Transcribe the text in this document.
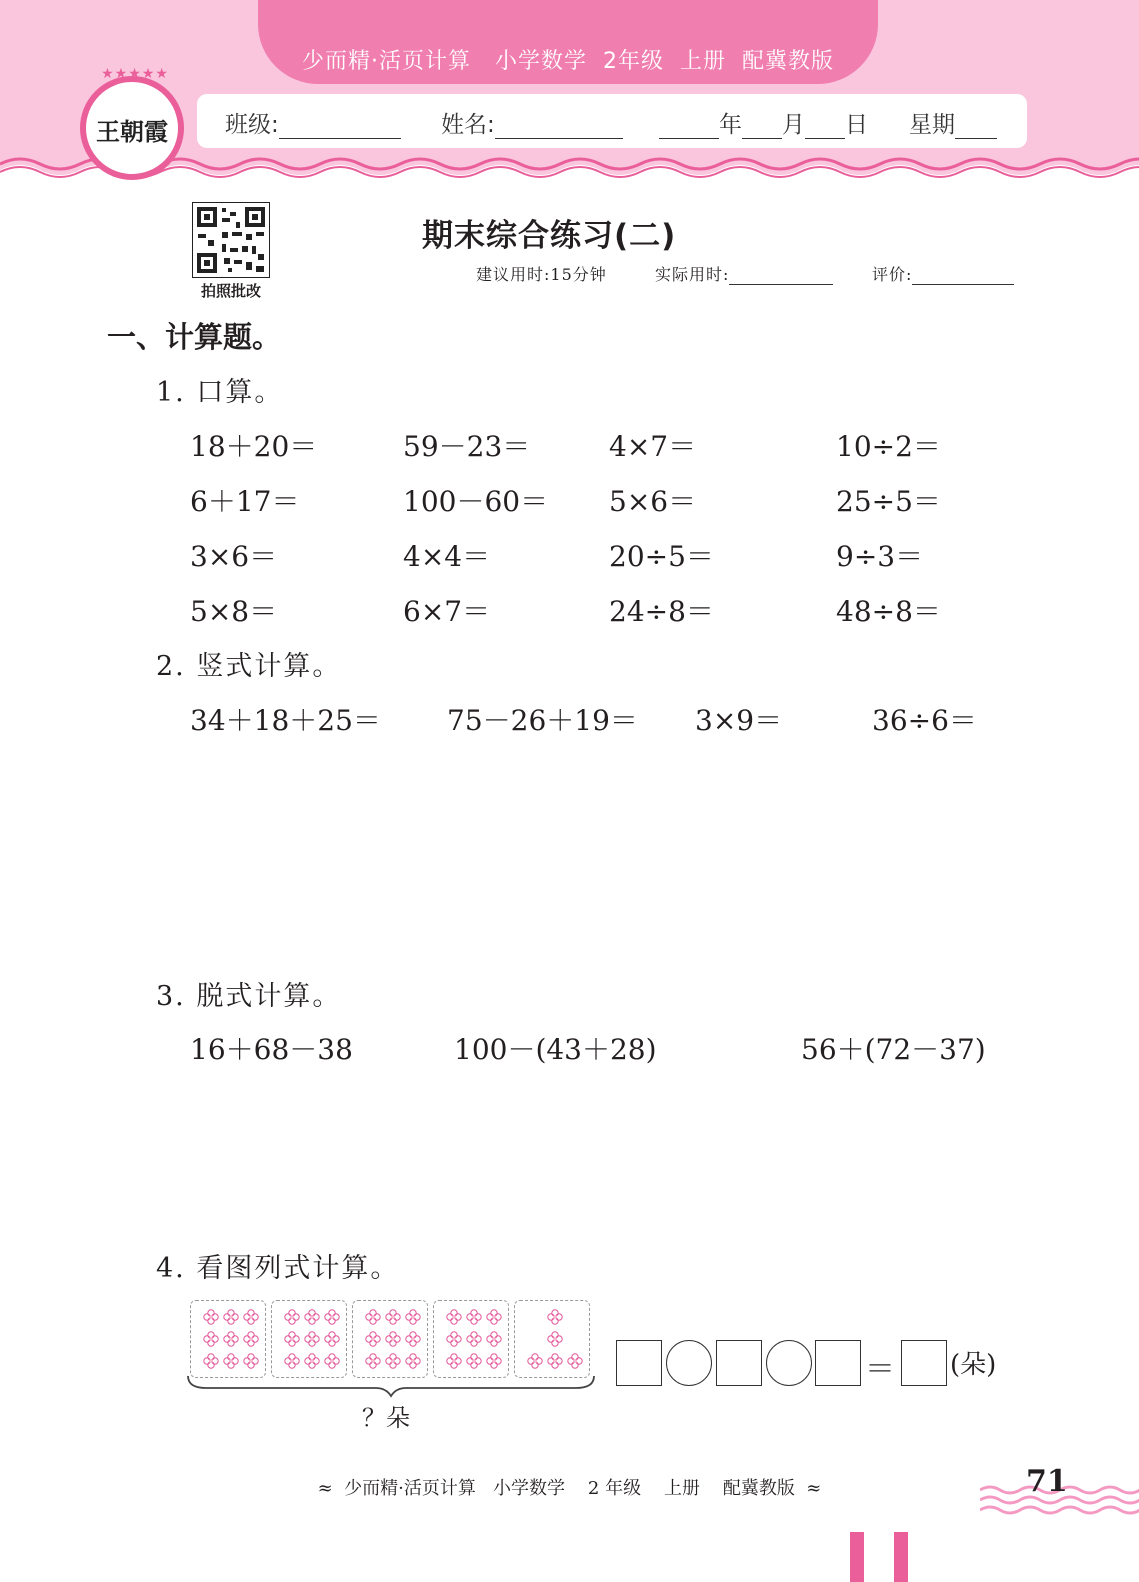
少而精·活页计算   小学数学  2年级  上册  配冀教版
班级:	姓名:	年 月 日 星期
王朝霞
★★★★★
拍照批改
期末综合练习(二)
建议用时:15分钟	实际用时:	评价:
一、计算题。
1. 口算。
18＋20＝	59－23＝	4×7＝	10÷2＝
6＋17＝	100－60＝ 5×6＝	25÷5＝
3×6＝	4×4＝	20÷5＝	9÷3＝
5×8＝	6×7＝	24÷8＝	48÷8＝
2. 竖式计算。
34＋18＋25＝ 75－26＋19＝ 3×9＝	36÷6＝
3. 脱式计算。
16＋68－38	100－(43＋28)	56＋(72－37)
4. 看图列式计算。
？朵
＝ (朵)
≈  少而精·活页计算   小学数学    2 年级    上册    配冀教版  ≈	71
